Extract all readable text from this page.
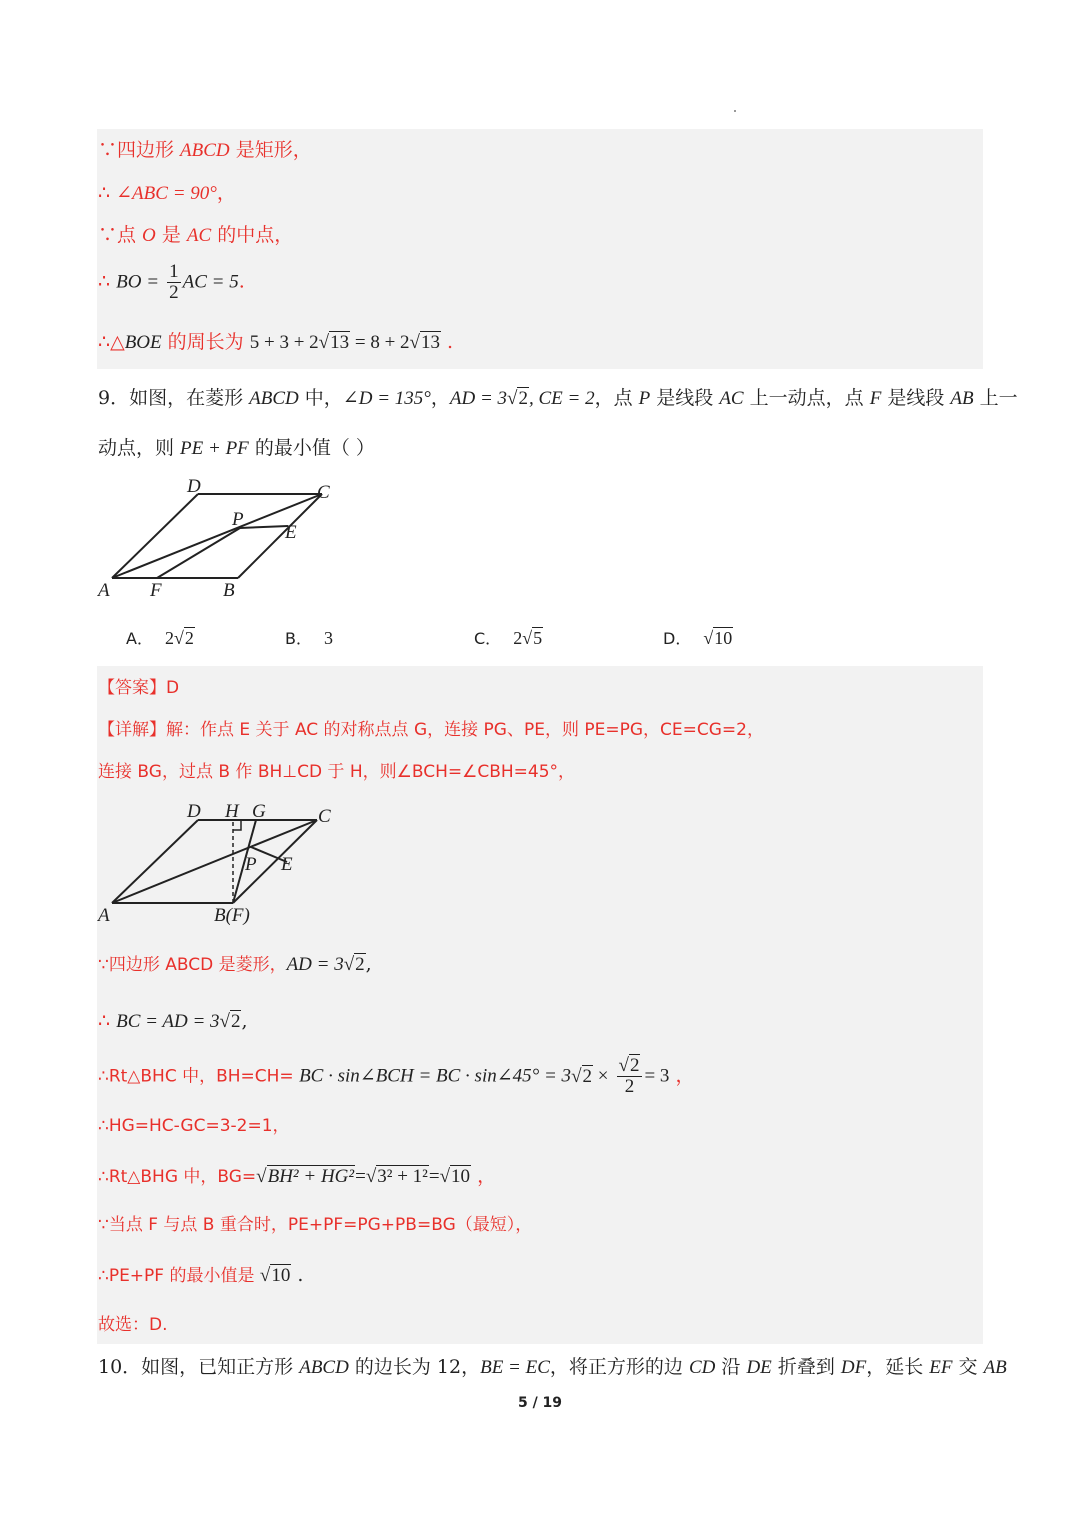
∵四边形 ABCD 是矩形，
∴ ∠ABC = 90°，
∵点 O 是 AC 的中点，
∴ BO = $\frac{1}{2}$ AC = 5.
∴△BOE 的周长为 5 + 3 + 2√13 = 8 + 2√13 .
9．如图，在菱形 ABCD 中，∠D = 135°，AD = 3√2, CE = 2，点 P 是线段 AC 上一动点，点 F 是线段 AB 上一
动点，则 PE + PF 的最小值（ ）
D	C
P
E
A F	B
A． 2√2	B． 3	C． 2√5	D． √10
【答案】D
【详解】解：作点 E 关于 AC 的对称点点 G，连接 PG、PE，则 PE=PG，CE=CG=2，
连接 BG，过点 B 作 BH⊥CD 于 H，则∠BCH=∠CBH=45°，
D H G	C
P E
A	B(F)
∵四边形 ABCD 是菱形，AD = 3√2,
∴ BC = AD = 3√2,
∴Rt△BHC 中，BH=CH= BC · sin∠BCH = BC · sin∠45° = $3√2 \times \frac{√2}{2} = 3$ ，
∴HG=HC-GC=3-2=1，
∴Rt△BHG 中，BG=√BH² + HG²=√3² + 1²=√10 ，
∵当点 F 与点 B 重合时，PE+PF=PG+PB=BG（最短），
∴PE+PF 的最小值是 √10 .
故选：D.
10．如图，已知正方形 ABCD 的边长为 12，BE = EC，将正方形的边 CD 沿 DE 折叠到 DF，延长 EF 交 AB
5 / 19
